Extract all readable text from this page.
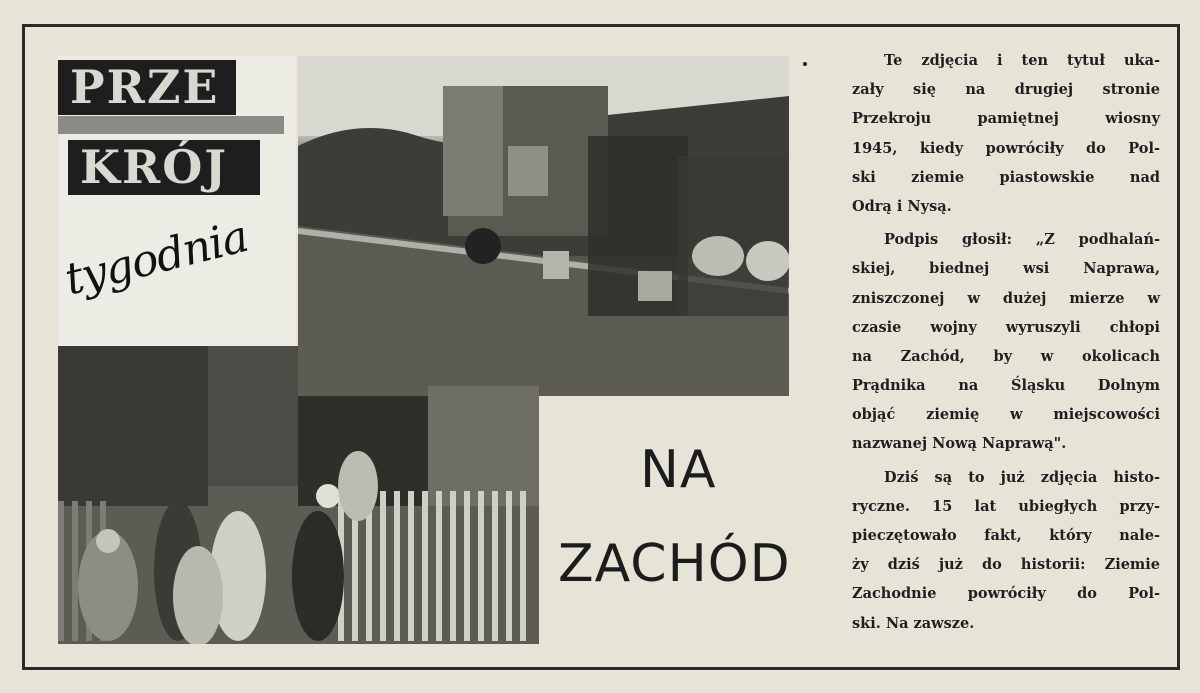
PRZE
KRÓJ
tygodnia
NA
ZACHÓD
Te zdjęcia i ten tytuł uka-
zały się na drugiej stronie
Przekroju pamiętnej wiosny
1945, kiedy powróciły do Pol-
ski ziemie piastowskie nad
Odrą i Nysą.
Podpis głosił: „Z podhalań-
skiej, biednej wsi Naprawa,
zniszczonej w dużej mierze w
czasie wojny wyruszyli chłopi
na Zachód, by w okolicach
Prądnika na Śląsku Dolnym
objąć ziemię w miejscowości
nazwanej Nową Naprawą".
Dziś są to już zdjęcia histo-
ryczne. 15 lat ubiegłych przy-
pieczętowało fakt, który nale-
ży dziś już do historii: Ziemie
Zachodnie powróciły do Pol-
ski. Na zawsze.
